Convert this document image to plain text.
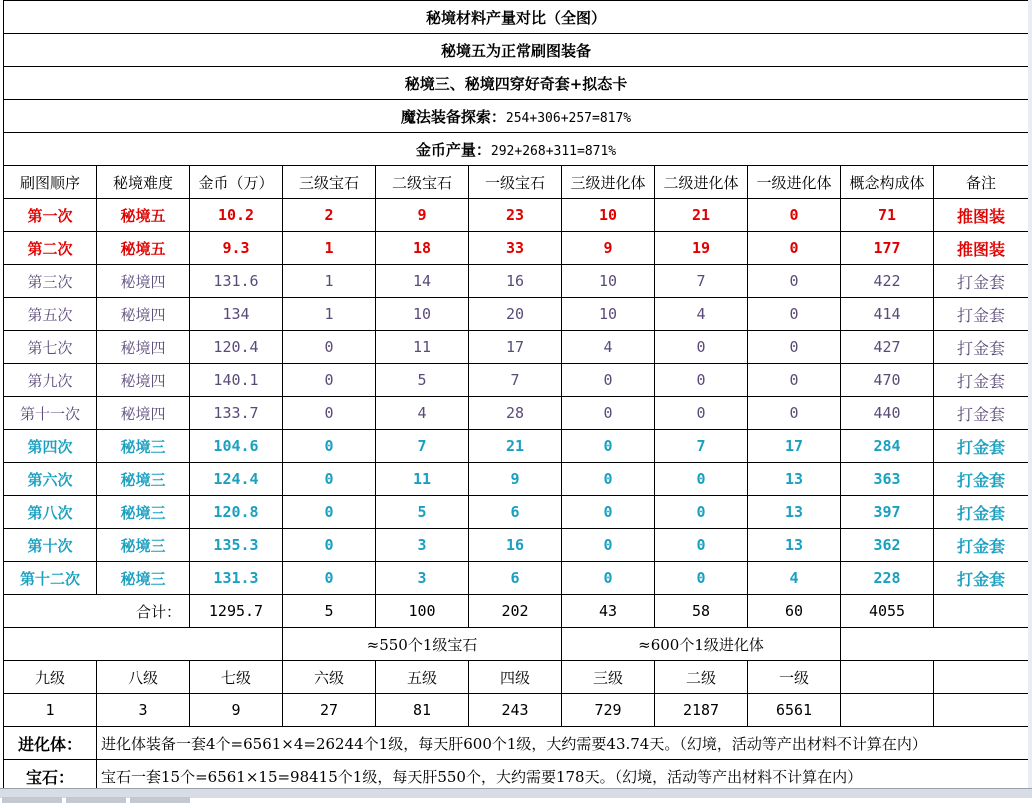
秘境材料产量对比（全图）										
秘境五为正常刷图装备										
秘境三、秘境四穿好奇套+拟态卡										
魔法装备探索：254+306+257=817%										
金币产量：292+268+311=871%										
刷图顺序	秘境难度	金币（万）	三级宝石	二级宝石	一级宝石	三级进化体	二级进化体	一级进化体	概念构成体	备注
第一次	秘境五	10.2	2	9	23	10	21	0	71	推图装
第二次	秘境五	9.3	1	18	33	9	19	0	177	推图装
第三次	秘境四	131.6	1	14	16	10	7	0	422	打金套
第五次	秘境四	134	1	10	20	10	4	0	414	打金套
第七次	秘境四	120.4	0	11	17	4	0	0	427	打金套
第九次	秘境四	140.1	0	5	7	0	0	0	470	打金套
第十一次	秘境四	133.7	0	4	28	0	0	0	440	打金套
第四次	秘境三	104.6	0	7	21	0	7	17	284	打金套
第六次	秘境三	124.4	0	11	9	0	0	13	363	打金套
第八次	秘境三	120.8	0	5	6	0	0	13	397	打金套
第十次	秘境三	135.3	0	3	16	0	0	13	362	打金套
第十二次	秘境三	131.3	0	3	6	0	0	4	228	打金套
合计：		1295.7	5	100	202	43	58	60	4055	
			≈550个1级宝石			≈600个1级进化体				
九级	八级	七级	六级	五级	四级	三级	二级	一级		
1	3	9	27	81	243	729	2187	6561		
进化体：	进化体装备一套4个=6561×4=26244个1级，每天肝600个1级，大约需要43.74天。（幻境，活动等产出材料不计算在内）									
宝石：	宝石一套15个=6561×15=98415个1级，每天肝550个，大约需要178天。（幻境，活动等产出材料不计算在内）									
